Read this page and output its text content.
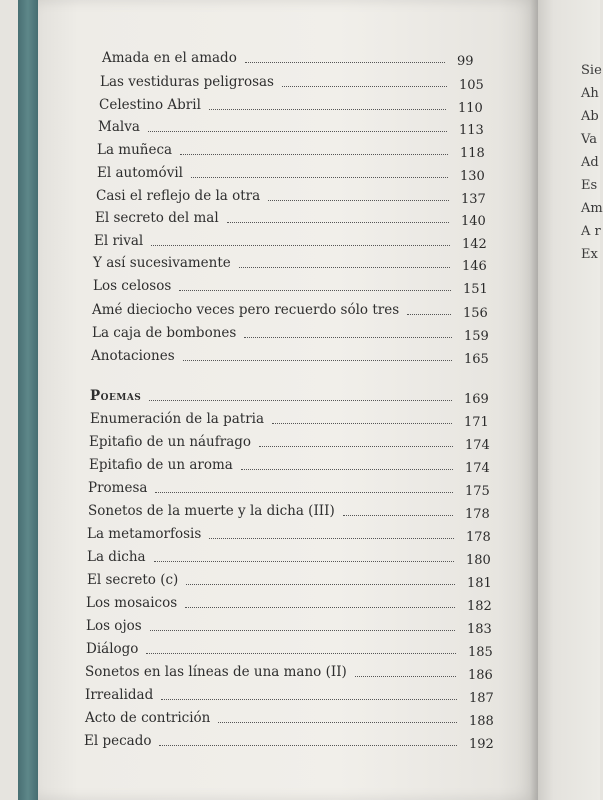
Amada en el amado	99
Las vestiduras peligrosas	105
Celestino Abril	110
Malva	113
La muñeca	118
El automóvil	130
Casi el reflejo de la otra	137
El secreto del mal	140
El rival	142
Y así sucesivamente	146
Los celosos	151
Amé dieciocho veces pero recuerdo sólo tres	156
La caja de bombones	159
Anotaciones	165
Poemas	169
Enumeración de la patria	171
Epitafio de un náufrago	174
Epitafio de un aroma	174
Promesa	175
Sonetos de la muerte y la dicha (III)	178
La metamorfosis	178
La dicha	180
El secreto (c)	181
Los mosaicos	182
Los ojos	183
Diálogo	185
Sonetos en las líneas de una mano (II)	186
Irrealidad	187
Acto de contrición	188
El pecado	192
Sie
Ah
Ab
Va
Ad
Es
Am
A r
Ex
